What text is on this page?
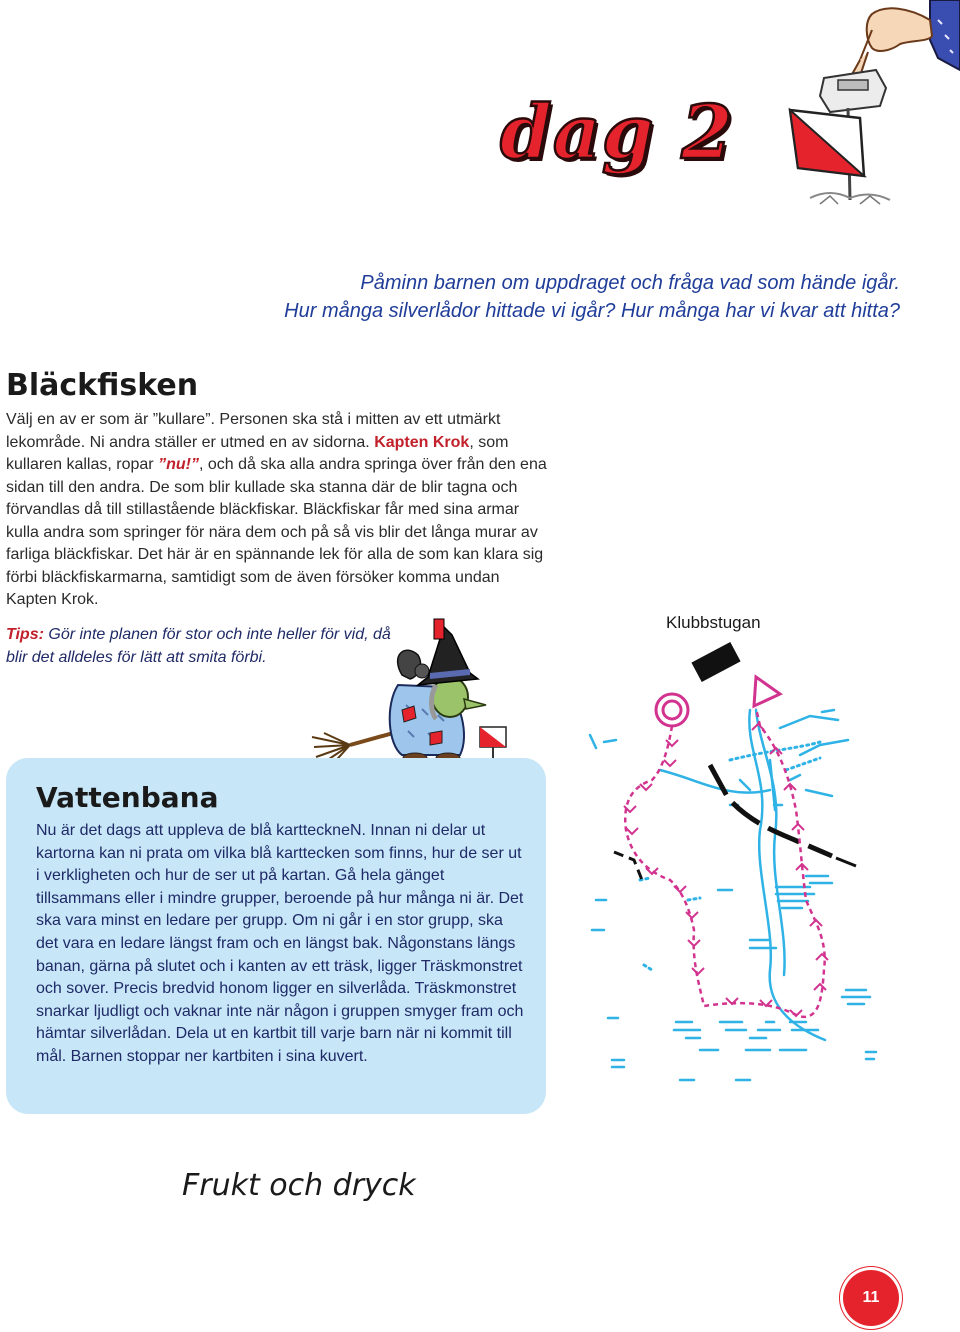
dag 2
Påminn barnen om uppdraget och fråga vad som hände igår.
Hur många silverlådor hittade vi igår? Hur många har vi kvar att hitta?
Bläckfisken
Välj en av er som är ”kullare”. Personen ska stå i mitten av ett utmärkt lekområde. Ni andra ställer er utmed en av sidorna. Kapten Krok, som kullaren kallas, ropar ”nu!”, och då ska alla andra springa över från den ena sidan till den andra. De som blir kullade ska stanna där de blir tagna och förvandlas då till stillastående bläckfiskar. Bläckfiskar får med sina armar kulla andra som springer för nära dem och på så vis blir det långa murar av farliga bläckfiskar. Det här är en spännande lek för alla de som kan klara sig förbi bläckfiskarmarna, samtidigt som de även försöker komma undan Kapten Krok.
Tips: Gör inte planen för stor och inte heller för vid, då blir det alldeles för lätt att smita förbi.
Klubbstugan
Vattenbana
Nu är det dags att uppleva de blå kartteckneN. Innan ni delar ut kartorna kan ni prata om vilka blå karttecken som finns, hur de ser ut i verkligheten och hur de ser ut på kartan. Gå hela gänget tillsammans eller i mindre grupper, beroende på hur många ni är. Det ska vara minst en ledare per grupp. Om ni går i en stor grupp, ska det vara en ledare längst fram och en längst bak. Någonstans längs banan, gärna på slutet och i kanten av ett träsk, ligger Träskmonstret och sover. Precis bredvid honom ligger en silverlåda. Träskmonstret snarkar ljudligt och vaknar inte när någon i gruppen smyger fram och hämtar silverlådan. Dela ut en kartbit till varje barn när ni kommit till mål. Barnen stoppar ner kartbiten i sina kuvert.
Frukt och dryck
11
